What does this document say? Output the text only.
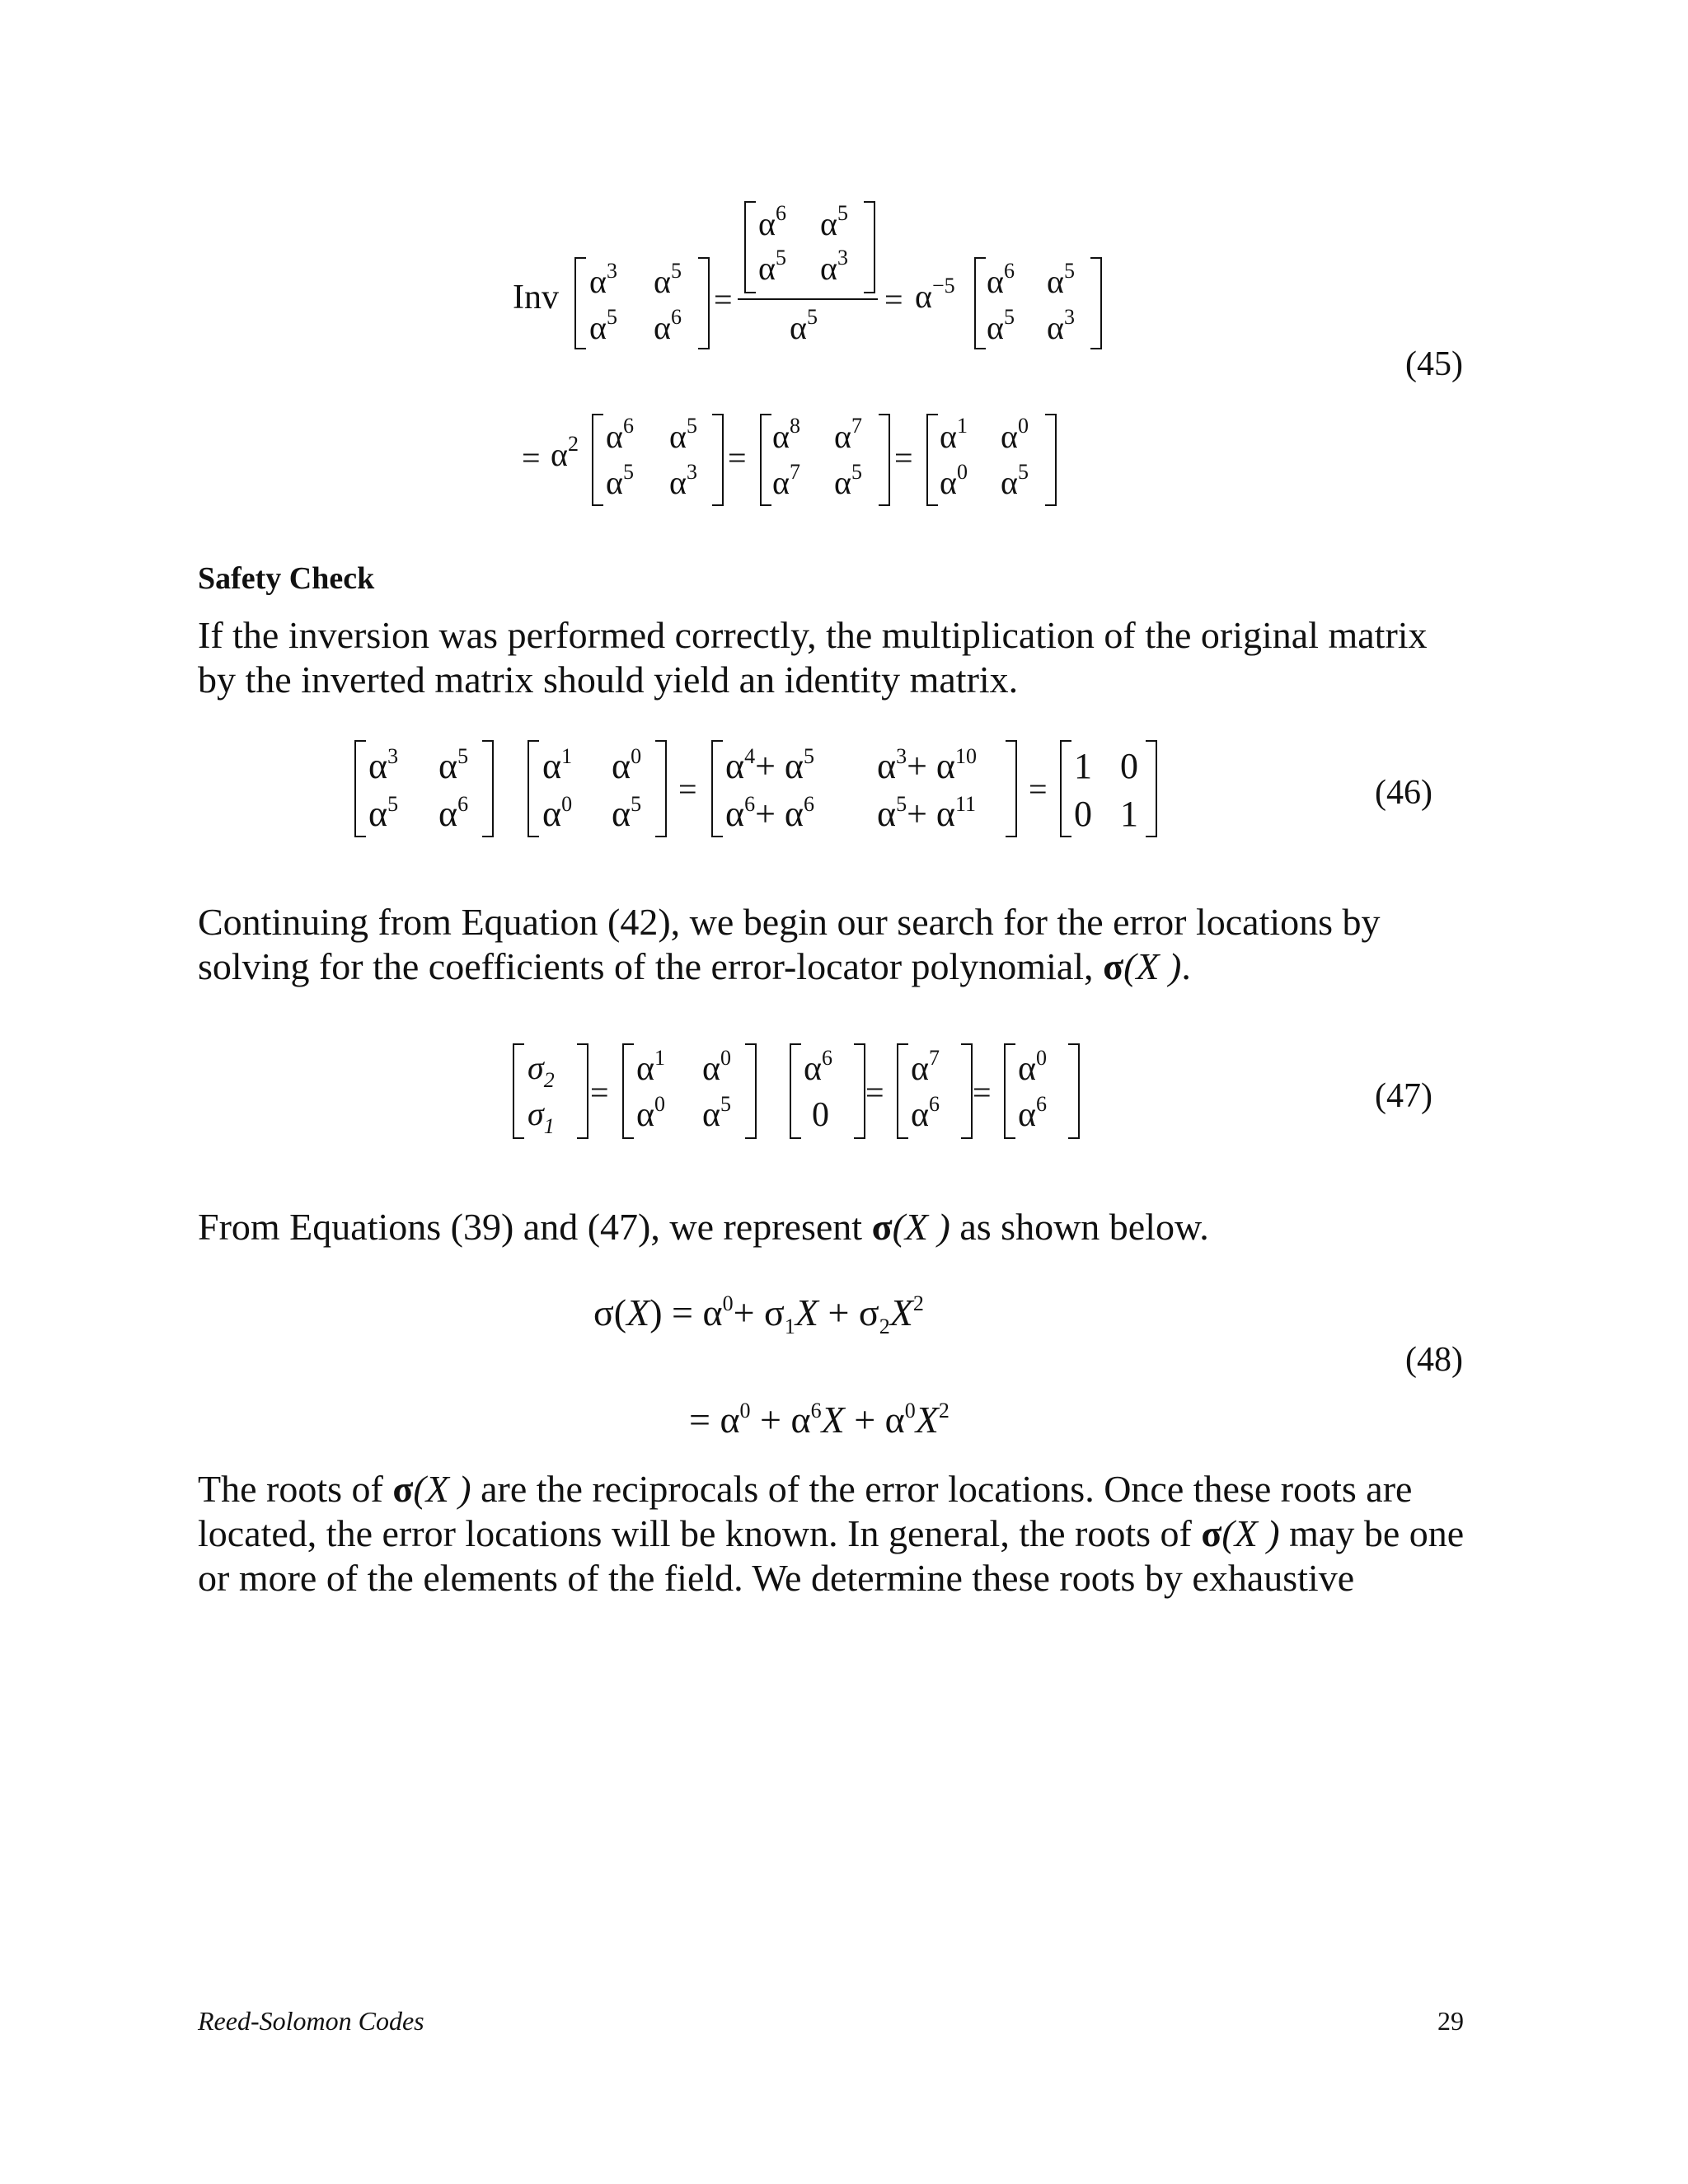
Inv $\alpha^3$ $\alpha^5$
$\alpha^5$ $\alpha^6$ =
$\alpha^6$ $\alpha^5$
$\alpha^5$ $\alpha^3$
$\alpha^5 = \alpha^{-5}$ $\alpha^6$ $\alpha^5$
$\alpha^5$ $\alpha^3$
= $\alpha^2$ $\alpha^6$ $\alpha^5$
$\alpha^5$ $\alpha^3$ =
$\alpha^8$ $\alpha^7$
$\alpha^7$ $\alpha^5$ =
$\alpha^1$ $\alpha^0$
$\alpha^0$ $\alpha^5$
(45)
Safety Check
If the inversion was performed correctly, the multiplication of the original matrix
by the inverted matrix should yield an identity matrix.
$\alpha^3$ $\alpha^5$
$\alpha^5$ $\alpha^6$
$\alpha^1$ $\alpha^0$
$\alpha^0$ $\alpha^5$ =
$\alpha^4+ \alpha^5$ $\alpha^3+ \alpha^{10}$
$\alpha^6+ \alpha^6$ $\alpha^5+ \alpha^{11}$ =
1 0
0 1
(46)
Continuing from Equation (42), we begin our search for the error locations by
solving for the coefficients of the error-locator polynomial, σ(X ).
$\sigma_2$
$\sigma_1$
=
$\alpha^1$ $\alpha^0$
$\alpha^0$ $\alpha^5$
$\alpha^6$
0
=
$\alpha^7$
$\alpha^6$ =
$\alpha^0$
$\alpha^6$	(47)
From Equations (39) and (47), we represent σ(X ) as shown below.
$\sigma(X) = \alpha^0+ \sigma_1X + \sigma_2X^2$
= $\alpha^0 + \alpha^6X + \alpha^0X^2$
(48)
The roots of σ(X ) are the reciprocals of the error locations. Once these roots are
located, the error locations will be known. In general, the roots of σ(X ) may be one
or more of the elements of the field. We determine these roots by exhaustive
Reed-Solomon Codes	29
